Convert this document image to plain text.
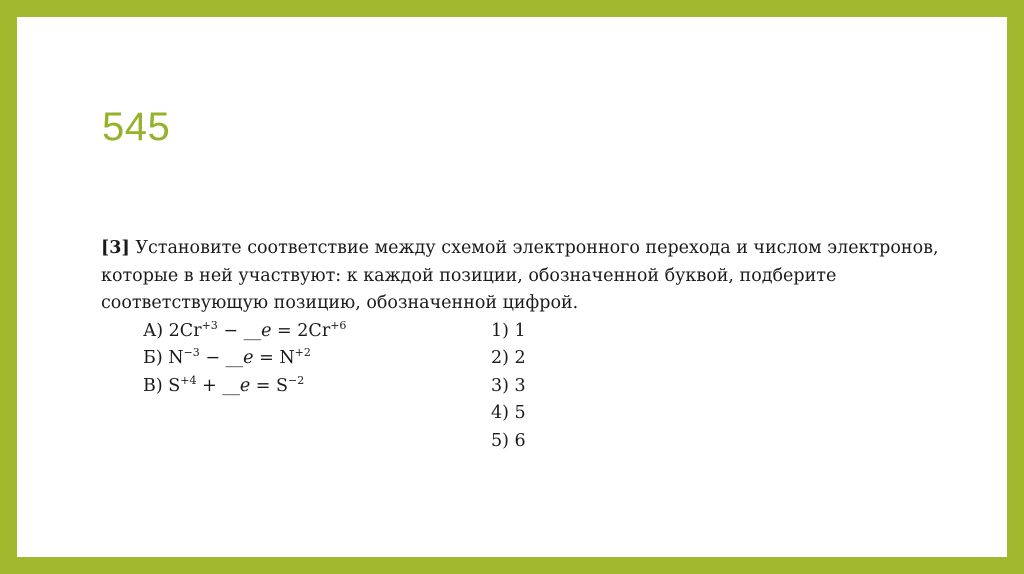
545

[3] Установите соответствие между схемой электронного перехода и числом электронов, которые в ней участвуют: к каждой позиции, обозначенной буквой, подберите соответствующую позицию, обозначенной цифрой.

А) $2Cr^{+3}$ − __e = $2Cr^{+6}$
Б) $N^{-3}$ − __e = $N^{+2}$
В) $S^{+4}$ + __e = $S^{-2}$
1) 1
2) 2
3) 3
4) 5
5) 6
